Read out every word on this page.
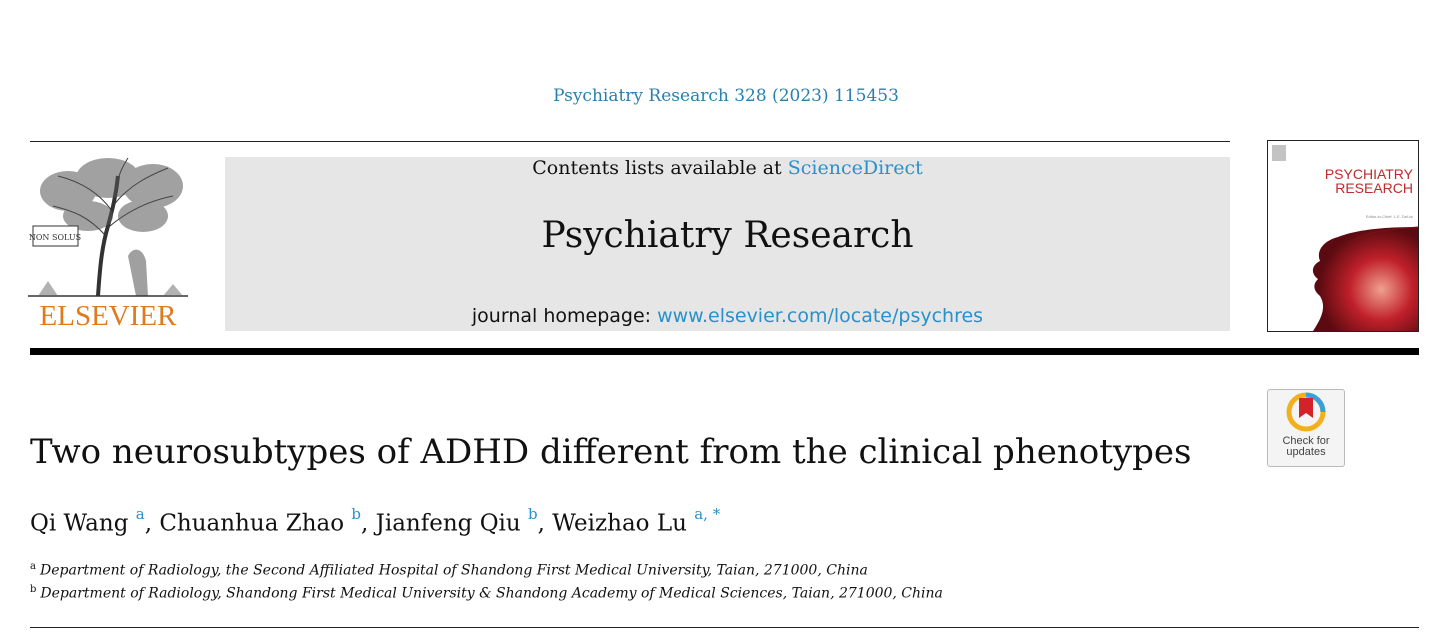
Psychiatry Research 328 (2023) 115453
NON SOLUS
ELSEVIER
Contents lists available at ScienceDirect
Psychiatry Research
journal homepage: www.elsevier.com/locate/psychres
PSYCHIATRY
RESEARCH
Editor-in-Chief: L.E. DeLisi
Check for
updates
Two neurosubtypes of ADHD different from the clinical phenotypes
Qi Wang $^a$, Chuanhua Zhao $^b$, Jianfeng Qiu $^b$, Weizhao Lu $^{a, *}$
$^a$ Department of Radiology, the Second Affiliated Hospital of Shandong First Medical University, Taian, 271000, China
$^b$ Department of Radiology, Shandong First Medical University & Shandong Academy of Medical Sciences, Taian, 271000, China
